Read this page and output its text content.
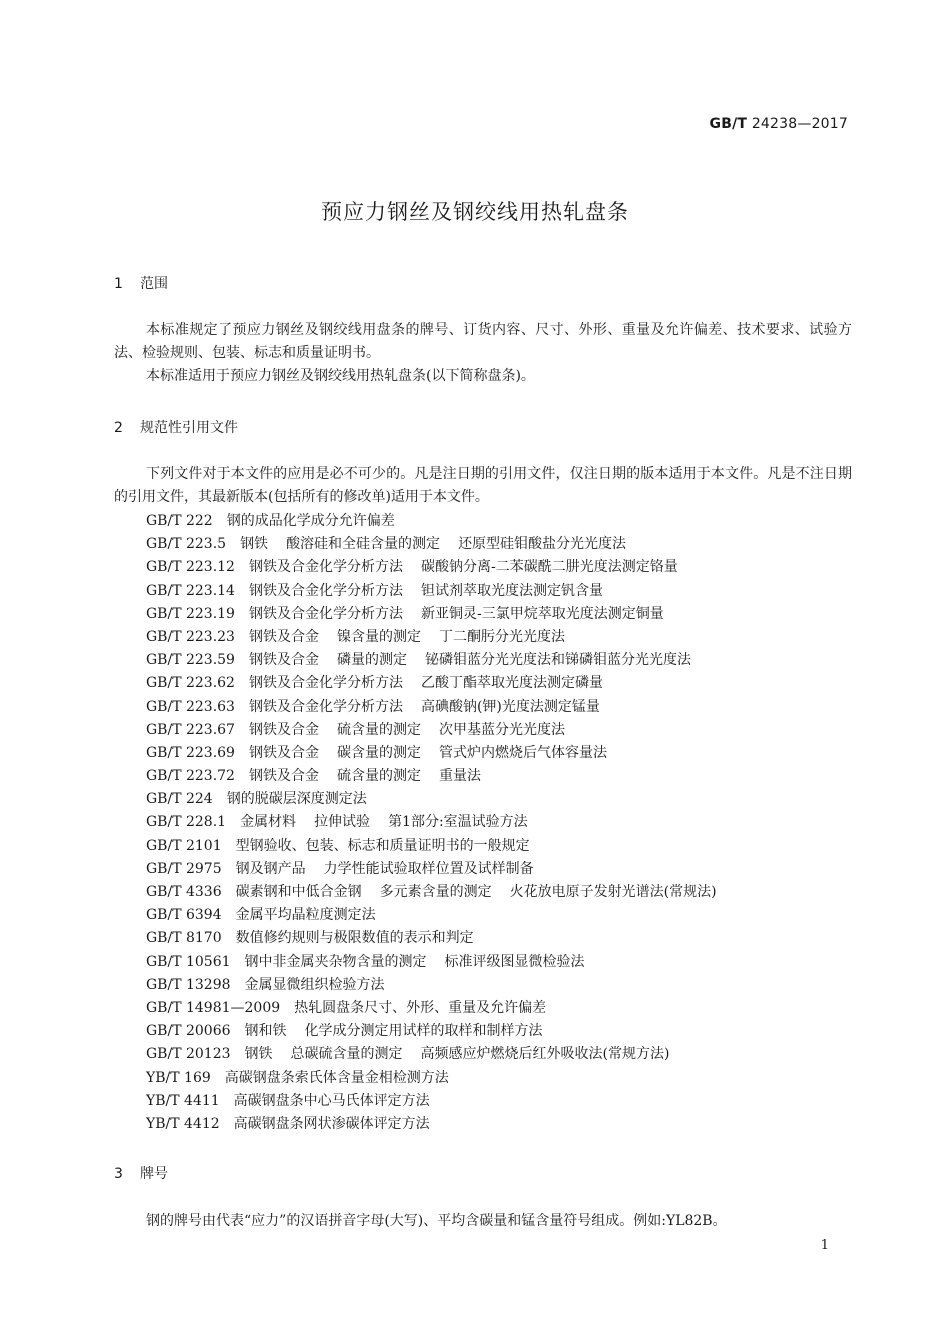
GB/T 24238—2017
预应力钢丝及钢绞线用热轧盘条
1 范围
本标准规定了预应力钢丝及钢绞线用盘条的牌号、订货内容、尺寸、外形、重量及允许偏差、技术要求、试验方法、检验规则、包装、标志和质量证明书。
本标准适用于预应力钢丝及钢绞线用热轧盘条(以下简称盘条)。
2 规范性引用文件
下列文件对于本文件的应用是必不可少的。凡是注日期的引用文件，仅注日期的版本适用于本文件。凡是不注日期的引用文件，其最新版本(包括所有的修改单)适用于本文件。
GB/T 222 钢的成品化学成分允许偏差
GB/T 223.5 钢铁 酸溶硅和全硅含量的测定 还原型硅钼酸盐分光光度法
GB/T 223.12 钢铁及合金化学分析方法 碳酸钠分离-二苯碳酰二肼光度法测定铬量
GB/T 223.14 钢铁及合金化学分析方法 钽试剂萃取光度法测定钒含量
GB/T 223.19 钢铁及合金化学分析方法 新亚铜灵-三氯甲烷萃取光度法测定铜量
GB/T 223.23 钢铁及合金 镍含量的测定 丁二酮肟分光光度法
GB/T 223.59 钢铁及合金 磷量的测定 铋磷钼蓝分光光度法和锑磷钼蓝分光光度法
GB/T 223.62 钢铁及合金化学分析方法 乙酸丁酯萃取光度法测定磷量
GB/T 223.63 钢铁及合金化学分析方法 高碘酸钠(钾)光度法测定锰量
GB/T 223.67 钢铁及合金 硫含量的测定 次甲基蓝分光光度法
GB/T 223.69 钢铁及合金 碳含量的测定 管式炉内燃烧后气体容量法
GB/T 223.72 钢铁及合金 硫含量的测定 重量法
GB/T 224 钢的脱碳层深度测定法
GB/T 228.1 金属材料 拉伸试验 第1部分:室温试验方法
GB/T 2101 型钢验收、包装、标志和质量证明书的一般规定
GB/T 2975 钢及钢产品 力学性能试验取样位置及试样制备
GB/T 4336 碳素钢和中低合金钢 多元素含量的测定 火花放电原子发射光谱法(常规法)
GB/T 6394 金属平均晶粒度测定法
GB/T 8170 数值修约规则与极限数值的表示和判定
GB/T 10561 钢中非金属夹杂物含量的测定 标准评级图显微检验法
GB/T 13298 金属显微组织检验方法
GB/T 14981—2009 热轧圆盘条尺寸、外形、重量及允许偏差
GB/T 20066 钢和铁 化学成分测定用试样的取样和制样方法
GB/T 20123 钢铁 总碳硫含量的测定 高频感应炉燃烧后红外吸收法(常规方法)
YB/T 169 高碳钢盘条索氏体含量金相检测方法
YB/T 4411 高碳钢盘条中心马氏体评定方法
YB/T 4412 高碳钢盘条网状渗碳体评定方法
3 牌号
钢的牌号由代表“应力”的汉语拼音字母(大写)、平均含碳量和锰含量符号组成。例如:YL82B。
1
